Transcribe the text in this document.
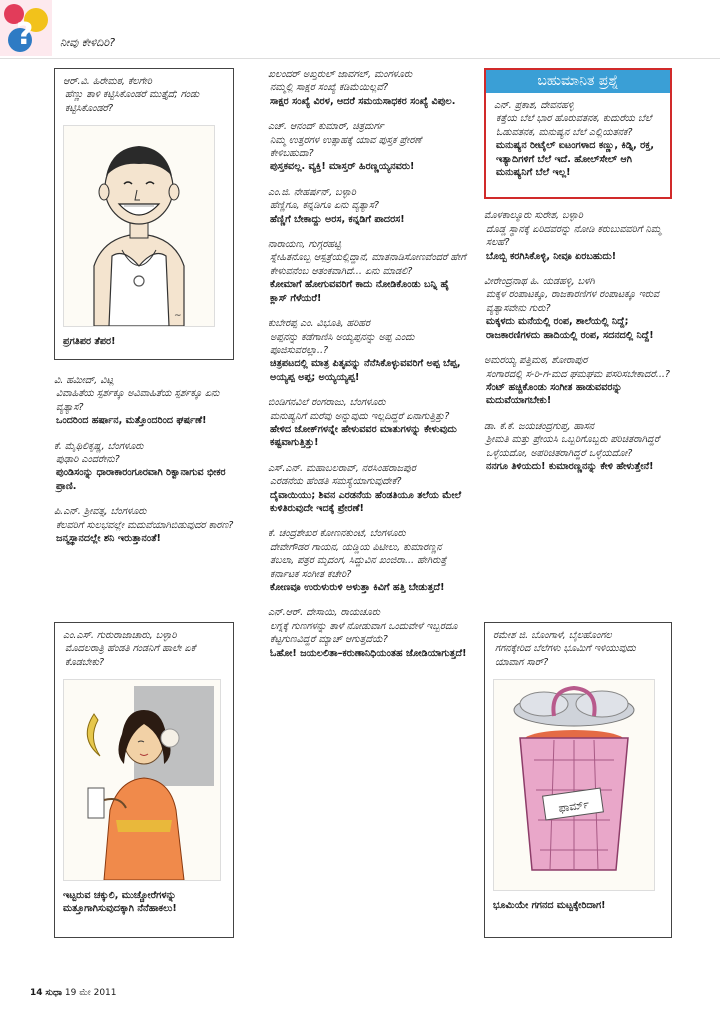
? ನೀವು ಕೇಳಿದಿರಿ?
ಆರ್.ವಿ. ಹಿರೇಮಠ, ಕೆಲಗೇರಿ
ಹೆಣ್ಣು ತಾಳಿ ಕಟ್ಟಿಸಿಕೊಂಡರೆ ಮುತ್ತೈದೆ; ಗಂಡು ಕಟ್ಟಿಸಿಕೊಂಡರೆ?
~
ಪ್ರಗತಿಪರ ತೆಪರ!
ವಿ. ಹಮೀದ್, ವಿಟ್ಲ
ವಿವಾಹಿತೆಯ ಸ್ಪರ್ಶಕ್ಕೂ ಅವಿವಾಹಿತೆಯ ಸ್ಪರ್ಶಕ್ಕೂ ಏನು ವ್ಯತ್ಯಾಸ?
ಒಂದರಿಂದ ಹರ್ಷಾನ, ಮತ್ತೊಂದರಿಂದ ಘರ್ಷಣೆ!
ಕೆ. ಮೈಥಿಲಿಕೃಷ್ಣ, ಬೆಂಗಳೂರು
ಪುಢಾರಿ ಎಂದರೇನು?
ಪುಂಡಿಸಂನ್ನು ಧಾರಾಕಾರಂಗೂರವಾಗಿ ರಿಕ್ವಾನಾಗುವ ಭೀಕರ ಪ್ರಾಣಿ.
ಪಿ.ಎನ್. ಶ್ರೀವತ್ಸ, ಬೆಂಗಳೂರು
ಕೆಲವರಿಗೆ ಸುಲಭವಲ್ಲೇ ಮದುವೆಯಾಗಿಬಿಡುವುದರ ಕಾರಣ?
ಜನ್ಮಸ್ಥಾನದಲ್ಲೇ ಶನಿ ಇರುತ್ತಾನಂತೆ!
ಎಂ.ಎಸ್. ಗುರುರಾಜಾಚಾರು, ಬಳ್ಳಾರಿ
ಮೊದಲರಾತ್ರಿ ಹೆಂಡತಿ ಗಂಡನಿಗೆ ಹಾಲೇ ಏಕೆ ಕೊಡಬೇಕು?
ಇಟ್ಟರುವ ಚಕ್ಕುಲಿ, ಮುಚ್ಚೋರೆಗಳನ್ನು ಮತ್ತೂಗಾಗಿಸುವುದಕ್ಕಾಗಿ ನೆನೆಹಾಕಲು!
ಖಲಂದರ್ ಅಖ್ತರುಲ್ ಜಾವಗಲ್, ಮಂಗಳೂರು
ನಮ್ಮಲ್ಲಿ ಸಾಕ್ಷರ ಸಂಖ್ಯೆ ಕಡಿಮೆಯಿಲ್ಲವೆ?
ಸಾಕ್ಷರ ಸಂಖ್ಯೆ ವಿರಳ, ಆದರೆ ಸಮಯಸಾಧಕರ ಸಂಖ್ಯೆ ವಿಪುಲ.
ಎಚ್. ಆನಂದ್ ಕುಮಾರ್, ಚಿತ್ರದುರ್ಗ
ನಿಮ್ಮ ಉತ್ತರಗಳ ಉತ್ಸಾಹಕ್ಕೆ ಯಾವ ಪುಸ್ತಕ ಪ್ರೇರಣೆ ಕೇಳಿಬಹುದಾ?
ಪುಸ್ತಕವಲ್ಲ. ವ್ಯಕ್ತಿ! ಮಾಸ್ತರ್ ಹಿರಣ್ಣಯ್ಯನವರು!
ಎಂ.ಜಿ. ನೇಹರ್ಷನ್, ಬಳ್ಳಾರಿ
ಹೆಣ್ಣಿಗೂ, ಕನ್ನಡಿಗೂ ಏನು ವ್ಯತ್ಯಾಸ?
ಹೆಣ್ಣಿಗೆ ಬೇಕಾದ್ದು ಅರಸ, ಕನ್ನಡಿಗೆ ಪಾದರಸ!
ನಾರಾಯಣ, ಗುಗ್ಗರಹಟ್ಟಿ
ಸ್ನೇಹಿತನೊಬ್ಬ ಆಸ್ಪತ್ರೆಯಲ್ಲಿದ್ದಾನೆ, ಮಾತನಾಡಿಸೋಣವೆಂದರೆ ಹೇಗೆ ಕೇಳುವನೆಂಬ ಆತಂಕವಾಗಿದೆ... ಏನು ಮಾಡಲಿ?
ಕೋಮಾಗೆ ಹೋಗುವವರಿಗೆ ಕಾದು ನೋಡಿಕೊಂಡು ಬನ್ನಿ ಹೈ ಕ್ಲಾಸ್ ಗೆಳೆಯರೆ!
ಕುಬೇರಪ್ಪ ಎಂ. ವಿಭೂತಿ, ಹರಿಹರ
ಅಪ್ಪನನ್ನು ಕಡೆಗಾಣಿಸಿ ಅಯ್ಯಪ್ಪನನ್ನು ಅಪ್ಪ ಎಂದು ಪೂಜಿಸುವರಲ್ಲಾ..?
ಚಿತ್ರಪಟದಲ್ಲಿ ಮಾತ್ರ ಪಿತೃವನ್ನು ನೆನೆಸಿಕೊಳ್ಳುವವರಿಗೆ ಅಪ್ಪ ಬೆಪ್ಪ, ಅಯ್ಯಪ್ಪ ಅಪ್ಪ; ಅಯ್ಯಯ್ಯಪ್ಪ!
ಬಿಂಡಿಗನವಿಲೆ ರಂಗರಾಜು, ಬೆಂಗಳೂರು
ಮನುಷ್ಯನಿಗೆ ಮರೆವು ಅನ್ನುವುದು ಇಲ್ಲದಿದ್ದರೆ ಏನಾಗುತ್ತಿತ್ತು?
ಹೇಳಿದ ಜೋಕ್‌ಗಳನ್ನೇ ಹೇಳುವವರ ಮಾತುಗಳನ್ನು ಕೇಳುವುದು ಕಷ್ಟವಾಗುತ್ತಿತ್ತು!
ಎಸ್.ಎನ್. ಮಹಾಬಲರಾವ್, ನರಸಿಂಹರಾಜಪುರ
ಎರಡನೆಯ ಹೆಂಡತಿ ಸಮಸ್ಯೆಯಾಗುವುದೇಕೆ?
ದೈವಾಯಿಯು; ಶಿವನ ಎರಡನೆಯ ಹೆಂಡತಿಯೂ ತಲೆಯ ಮೇಲೆ ಕುಳಿತಿರುವುದೇ ಇದಕ್ಕೆ ಪ್ರೇರಣೆ!
ಕೆ. ಚಂದ್ರಶೇಖರ ಕೋಣನಕುಂಟೆ, ಬೆಂಗಳೂರು
ದೇವೇಗೌಡರ ಗಾಯನ, ಯಡ್ಡಿಯ ಪಿಟೀಲು, ಕುಮಾರಣ್ಣನ ತಬಲಾ, ಪತ್ರರ ಮೃದಂಗ, ಸಿದ್ದುವಿನ ಖಂಜಿರಾ... ಹೇಗಿರುತ್ತೆ ಕರ್ನಾಟಕ ಸಂಗೀತ ಕಚೇರಿ?
ಕೋಣವೂ ಉರುಳುರುಳಿ ಅಳುತ್ತಾ ಕಿವಿಗೆ ಹತ್ತಿ ಬೇಡುತ್ತದೆ!
ಎನ್.ಆರ್. ದೇಸಾಯಿ, ರಾಯಚೂರು
ಲಗ್ನಕ್ಕೆ ಗುಣಗಳನ್ನು ತಾಳೆ ನೋಡುವಾಗ ಒಂದುವೇಳೆ ಇಬ್ಬರದೂ ಕೆಟ್ಟಗುಣವಿದ್ದರೆ ಮ್ಯಾಚ್ ಆಗುತ್ತದೆಯೆ?
ಓಹೋ! ಜಯಲಲಿತಾ–ಕರುಣಾನಿಧಿಯಂತಹ ಜೋಡಿಯಾಗುತ್ತದೆ!
ಬಹುಮಾನಿತ ಪ್ರಶ್ನೆ
ಎನ್. ಪ್ರಕಾಶ, ದೇವನಹಳ್ಳಿ
ಕತ್ತೆಯ ಬೆಲೆ ಭಾರ ಹೊರುವತನಕ, ಕುದುರೆಯ ಬೆಲೆ ಓಡುವತನಕ, ಮನುಷ್ಯನ ಬೆಲೆ ಎಲ್ಲಿಯತನಕ?
ಮನುಷ್ಯನ ರೀಟೈಲ್ ಐಟಂಗಳಾದ ಕಣ್ಣು, ಕಿಡ್ನಿ, ರಕ್ತ, ಇತ್ಯಾದಿಗಳಿಗೆ ಬೆಲೆ ಇದೆ. ಹೋಲ್‌ಸೇಲ್ ಆಗಿ ಮನುಷ್ಯನಿಗೆ ಬೆಲೆ ಇಲ್ಲ!
ಮೊಳಕಾಲ್ಮೂರು ಸುರೇಶ, ಬಳ್ಳಾರಿ
ದೊಡ್ಡ ಸ್ಥಾನಕ್ಕೆ ಏರಿದವರನ್ನು ನೋಡಿ ಕರುಬುವವರಿಗೆ ನಿಮ್ಮ ಸಲಹೆ?
ಬೊಬ್ಬಿ ಕರಗಿಸಿಕೊಳ್ಳಿ, ನೀವೂ ಏರಬಹುದು!
ವೀರೇಂದ್ರನಾಥ ಹಿ. ಯಡಹಳ್ಳಿ, ಬಳಗಿ
ಮಕ್ಕಳ ರಂಪಾಟಕ್ಕೂ, ರಾಜಕಾರಣಿಗಳ ರಂಪಾಟಕ್ಕೂ ಇರುವ ವ್ಯತ್ಯಾಸವೇನು ಗುರು?
ಮಕ್ಕಳದು ಮನೆಯಲ್ಲಿ ರಂಪ, ಶಾಲೆಯಲ್ಲಿ ನಿದ್ದೆ; ರಾಜಕಾರಣಿಗಳದು ಹಾದಿಯಲ್ಲಿ ರಂಪ, ಸದನದಲ್ಲಿ ನಿದ್ದೆ!
ಅಮರಯ್ಯ ಪತ್ತಿಮಠ, ಶೋರಾಪುರ
ಸಂಗಾರದಲ್ಲಿ ಸ-ರಿ-ಗ-ಮದ ಘಮಘಮ ಪಸರಿಸಬೇಕಾದರೆ...?
ಸೆಂಟ್ ಹಚ್ಚಿಕೊಂಡು ಸಂಗೀತ ಹಾಡುವವರನ್ನು ಮದುವೆಯಾಗಬೇಕು!
ಡಾ. ಕೆ.ಕೆ. ಜಯಚಂದ್ರಗುಪ್ತ, ಹಾಸನ
ಶ್ರೀಮತಿ ಮತ್ತು ಪ್ರೇಯಸಿ ಒಬ್ಬರಿಗೊಬ್ಬರು ಪರಿಚಿತರಾಗಿದ್ದರೆ ಒಳ್ಳೆಯದೋ, ಅಪರಿಚಿತರಾಗಿದ್ದರೆ ಒಳ್ಳೆಯದೋ?
ನನಗೂ ತಿಳಿಯದು! ಕುಮಾರಣ್ಣನನ್ನು ಕೇಳಿ ಹೇಳುತ್ತೇನೆ!
ರಮೇಶ ಜಿ. ಬೊಂಗಾಳೆ, ಬೈಲಹೊಂಗಲ
ಗಗನಕ್ಕೇರಿದ ಬೆಲೆಗಳು ಭೂಮಿಗೆ ಇಳಿಯುವುದು ಯಾವಾಗ ಸಾರ್?
ಫಾರ್ಮ್
ಭೂಮಿಯೇ ಗಗನದ ಮಟ್ಟಕ್ಕೇರಿದಾಗ!
14 ಸುಧಾ 19 ಮೇ 2011
